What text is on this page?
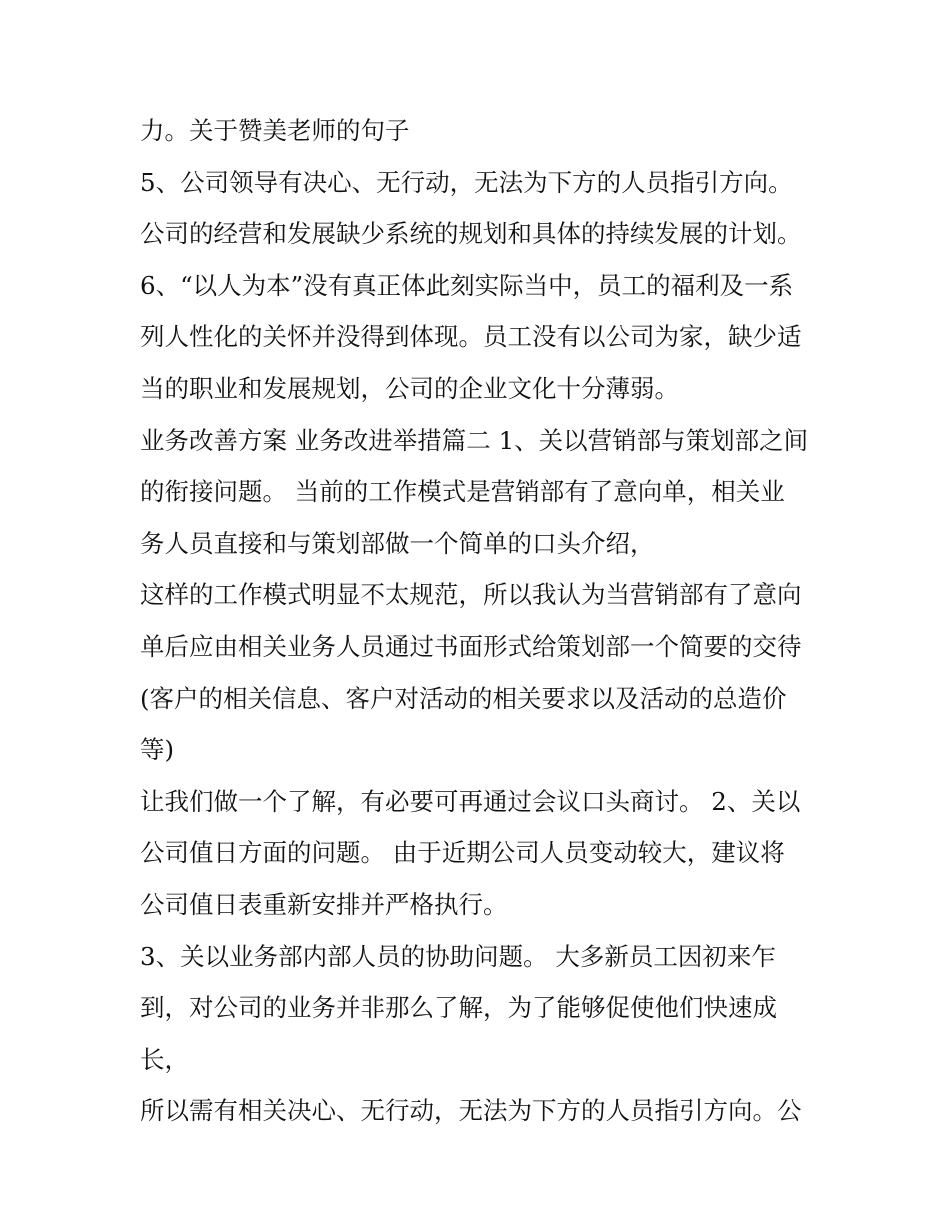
力。关于赞美老师的句子
5、公司领导有决心、无行动，无法为下方的人员指引方向。
公司的经营和发展缺少系统的规划和具体的持续发展的计划。
6、“以人为本”没有真正体此刻实际当中，员工的福利及一系
列人性化的关怀并没得到体现。员工没有以公司为家，缺少适
当的职业和发展规划，公司的企业文化十分薄弱。
业务改善方案 业务改进举措篇二 1、关以营销部与策划部之间
的衔接问题。 当前的工作模式是营销部有了意向单，相关业
务人员直接和与策划部做一个简单的口头介绍，
这样的工作模式明显不太规范，所以我认为当营销部有了意向
单后应由相关业务人员通过书面形式给策划部一个简要的交待
(客户的相关信息、客户对活动的相关要求以及活动的总造价
等)
让我们做一个了解，有必要可再通过会议口头商讨。 2、关以
公司值日方面的问题。 由于近期公司人员变动较大，建议将
公司值日表重新安排并严格执行。
3、关以业务部内部人员的协助问题。 大多新员工因初来乍
到，对公司的业务并非那么了解，为了能够促使他们快速成
长，
所以需有相关决心、无行动，无法为下方的人员指引方向。公
